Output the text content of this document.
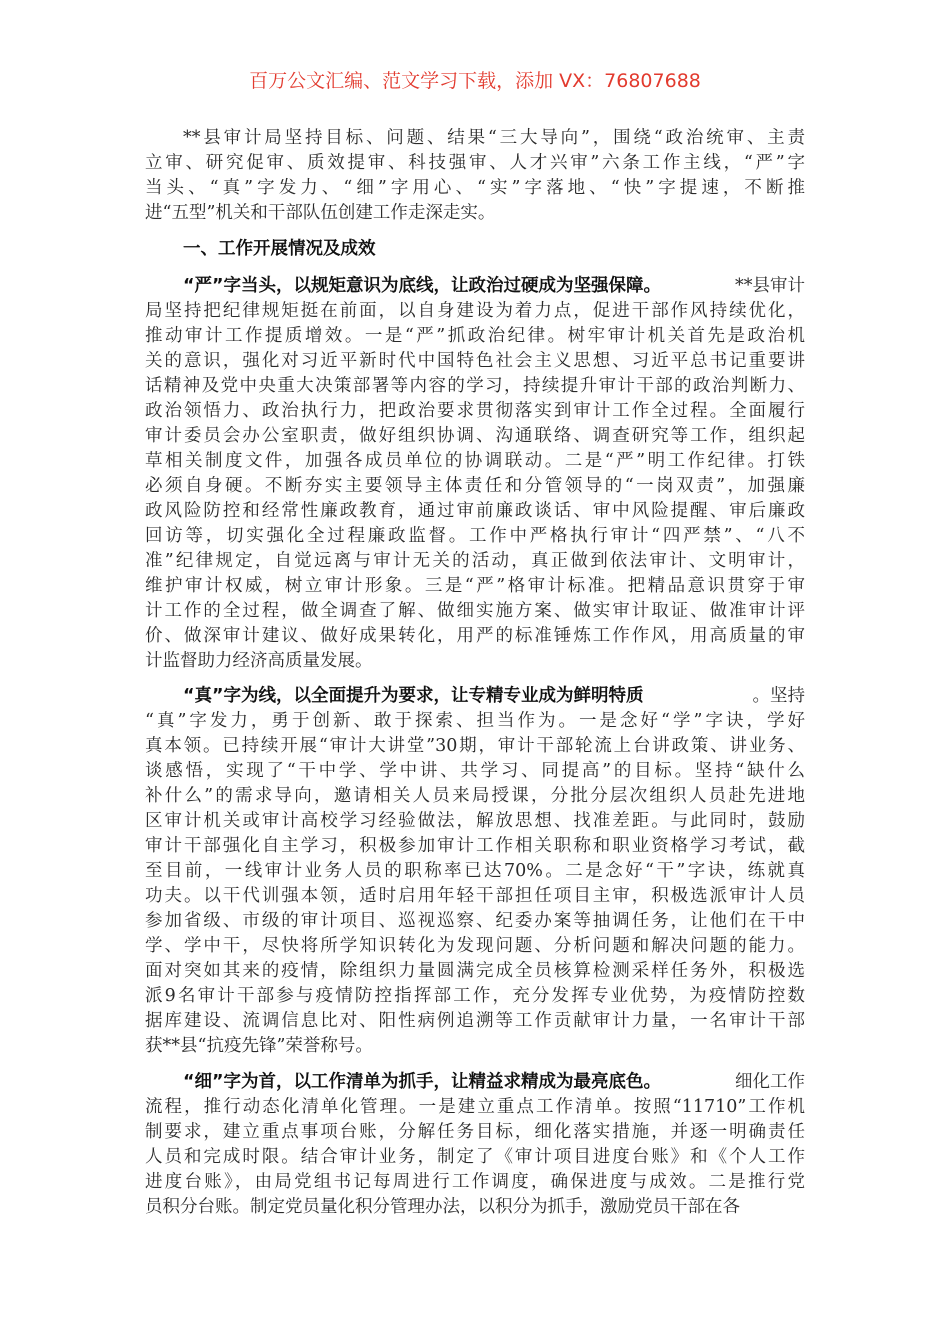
百万公文汇编、范文学习下载，添加 VX：76807688
**县审计局坚持目标、问题、结果“三大导向”，围绕“政治统审、主责
立审、研究促审、质效提审、科技强审、人才兴审”六条工作主线，“严”字
当头、“真”字发力、“细”字用心、“实”字落地、“快”字提速，不断推
进“五型”机关和干部队伍创建工作走深走实。
一、工作开展情况及成效
“严”字当头，以规矩意识为底线，让政治过硬成为坚强保障。	**县审计
局坚持把纪律规矩挺在前面，以自身建设为着力点，促进干部作风持续优化，
推动审计工作提质增效。一是“严”抓政治纪律。树牢审计机关首先是政治机
关的意识，强化对习近平新时代中国特色社会主义思想、习近平总书记重要讲
话精神及党中央重大决策部署等内容的学习，持续提升审计干部的政治判断力、
政治领悟力、政治执行力，把政治要求贯彻落实到审计工作全过程。全面履行
审计委员会办公室职责，做好组织协调、沟通联络、调查研究等工作，组织起
草相关制度文件，加强各成员单位的协调联动。二是“严”明工作纪律。打铁
必须自身硬。不断夯实主要领导主体责任和分管领导的“一岗双责”，加强廉
政风险防控和经常性廉政教育，通过审前廉政谈话、审中风险提醒、审后廉政
回访等，切实强化全过程廉政监督。工作中严格执行审计“四严禁”、“八不
准”纪律规定，自觉远离与审计无关的活动，真正做到依法审计、文明审计，
维护审计权威，树立审计形象。三是“严”格审计标准。把精品意识贯穿于审
计工作的全过程，做全调查了解、做细实施方案、做实审计取证、做准审计评
价、做深审计建议、做好成果转化，用严的标准锤炼工作作风，用高质量的审
计监督助力经济高质量发展。
“真”字为线，以全面提升为要求，让专精专业成为鲜明特质	。坚持
“真”字发力，勇于创新、敢于探索、担当作为。一是念好“学”字诀，学好
真本领。已持续开展“审计大讲堂”30期，审计干部轮流上台讲政策、讲业务、
谈感悟，实现了“干中学、学中讲、共学习、同提高”的目标。坚持“缺什么
补什么”的需求导向，邀请相关人员来局授课，分批分层次组织人员赴先进地
区审计机关或审计高校学习经验做法，解放思想、找准差距。与此同时，鼓励
审计干部强化自主学习，积极参加审计工作相关职称和职业资格学习考试，截
至目前，一线审计业务人员的职称率已达70%。二是念好“干”字诀，练就真
功夫。以干代训强本领，适时启用年轻干部担任项目主审，积极选派审计人员
参加省级、市级的审计项目、巡视巡察、纪委办案等抽调任务，让他们在干中
学、学中干，尽快将所学知识转化为发现问题、分析问题和解决问题的能力。
面对突如其来的疫情，除组织力量圆满完成全员核算检测采样任务外，积极选
派9名审计干部参与疫情防控指挥部工作，充分发挥专业优势，为疫情防控数
据库建设、流调信息比对、阳性病例追溯等工作贡献审计力量，一名审计干部
获**县“抗疫先锋”荣誉称号。
“细”字为首，以工作清单为抓手，让精益求精成为最亮底色。	细化工作
流程，推行动态化清单化管理。一是建立重点工作清单。按照“11710”工作机
制要求，建立重点事项台账，分解任务目标，细化落实措施，并逐一明确责任
人员和完成时限。结合审计业务，制定了《审计项目进度台账》和《个人工作
进度台账》，由局党组书记每周进行工作调度，确保进度与成效。二是推行党
员积分台账。制定党员量化积分管理办法，以积分为抓手，激励党员干部在各
